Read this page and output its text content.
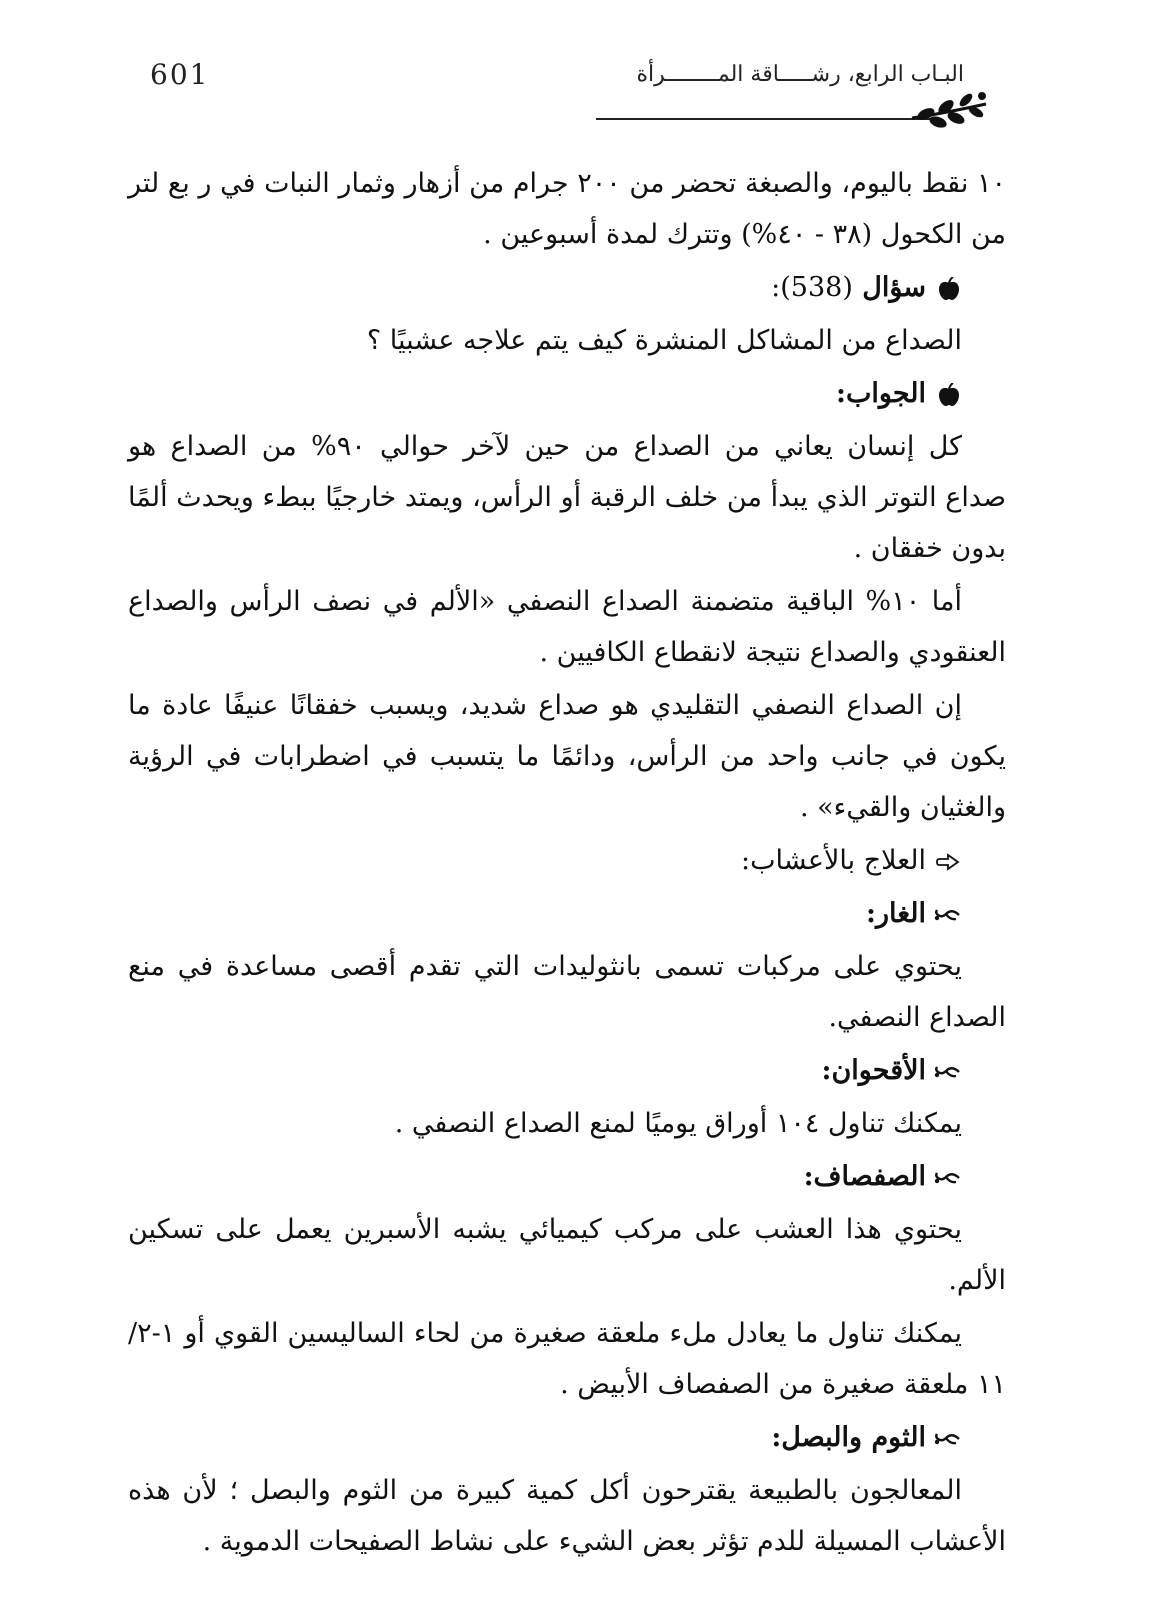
601	البـاب الرابع، رشـــــاقة المــــــــرأة

١٠ نقط باليوم، والصبغة تحضر من ٢٠٠ جرام من أزهار وثمار النبات في ر بع لتر من الكحول (٣٨ - ٤٠%) وتترك لمدة أسبوعين .

سؤال (538):

الصداع من المشاكل المنشرة كيف يتم علاجه عشبيًا ؟

الجواب:

كل إنسان يعاني من الصداع من حين لآخر حوالي ٩٠% من الصداع هو صداع التوتر الذي يبدأ من خلف الرقبة أو الرأس، ويمتد خارجيًا ببطء ويحدث ألمًا بدون خفقان .

أما ١٠% الباقية متضمنة الصداع النصفي «الألم في نصف الرأس والصداع العنقودي والصداع نتيجة لانقطاع الكافيين .

إن الصداع النصفي التقليدي هو صداع شديد، ويسبب خفقانًا عنيفًا عادة ما يكون في جانب واحد من الرأس، ودائمًا ما يتسبب في اضطرابات في الرؤية والغثيان والقيء» .

العلاج بالأعشاب:

الغار:

يحتوي على مركبات تسمى بانثوليدات التي تقدم أقصى مساعدة في منع الصداع النصفي.

الأقحوان:

يمكنك تناول ١٠٤ أوراق يوميًا لمنع الصداع النصفي .

الصفصاف:

يحتوي هذا العشب على مركب كيميائي يشبه الأسبرين يعمل على تسكين الألم.

يمكنك تناول ما يعادل ملء ملعقة صغيرة من لحاء الساليسين القوي أو ١-٢/ ١١ ملعقة صغيرة من الصفصاف الأبيض .

الثوم والبصل:

المعالجون بالطبيعة يقترحون أكل كمية كبيرة من الثوم والبصل ؛ لأن هذه الأعشاب المسيلة للدم تؤثر بعض الشيء على نشاط الصفيحات الدموية .
